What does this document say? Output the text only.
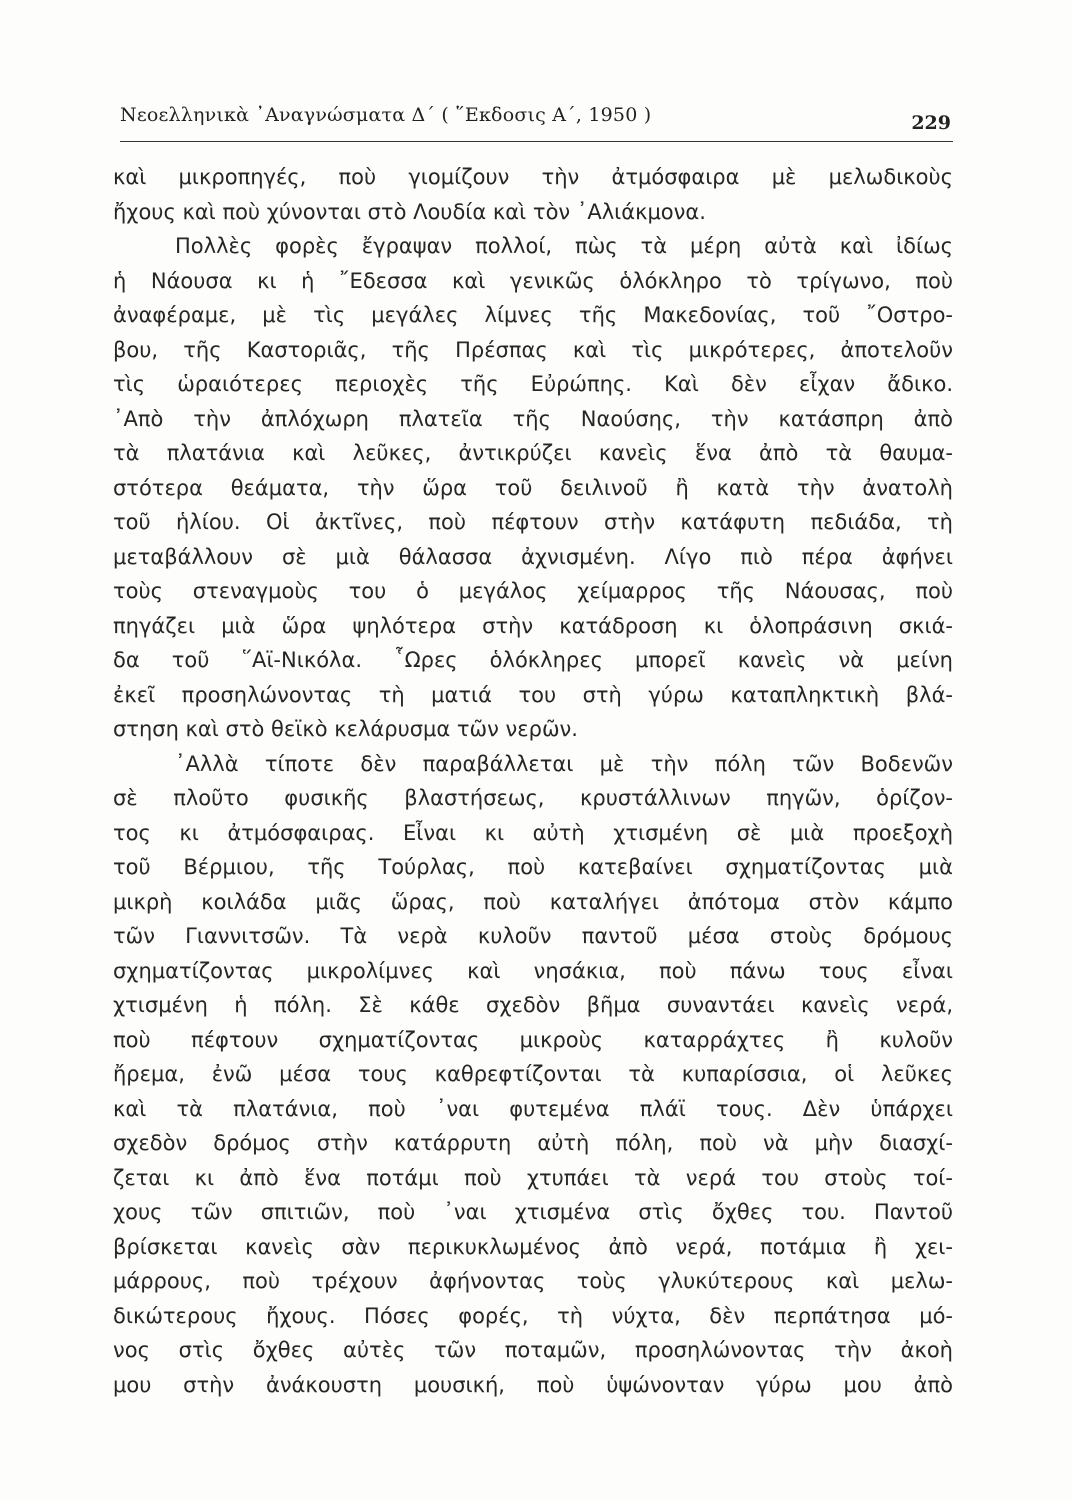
Νεοελληνικὰ ᾿Αναγνώσματα Δ΄ ( ῞Εκδοσις Α΄, 1950 )	229
καὶ μικροπηγές, ποὺ γιομίζουν τὴν ἀτμόσφαιρα μὲ μελωδικοὺς
ἤχους καὶ ποὺ χύνονται στὸ Λουδία καὶ τὸν ᾿Αλιάκμονα.
Πολλὲς φορὲς ἔγραψαν πολλοί, πὼς τὰ μέρη αὐτὰ καὶ ἰδίως
ἡ Νάουσα κι ἡ ῎Εδεσσα καὶ γενικῶς ὁλόκληρο τὸ τρίγωνο, ποὺ
ἀναφέραμε, μὲ τὶς μεγάλες λίμνες τῆς Μακεδονίας, τοῦ ῎Οστρο-
βου, τῆς Καστοριᾶς, τῆς Πρέσπας καὶ τὶς μικρότερες, ἀποτελοῦν
τὶς ὡραιότερες περιοχὲς τῆς Εὐρώπης. Καὶ δὲν εἶχαν ἄδικο.
᾿Απὸ τὴν ἀπλόχωρη πλατεῖα τῆς Ναούσης, τὴν κατάσπρη ἀπὸ
τὰ πλατάνια καὶ λεῦκες, ἀντικρύζει κανεὶς ἕνα ἀπὸ τὰ θαυμα-
στότερα θεάματα, τὴν ὥρα τοῦ δειλινοῦ ἢ κατὰ τὴν ἀνατολὴ
τοῦ ἡλίου. Οἱ ἀκτῖνες, ποὺ πέφτουν στὴν κατάφυτη πεδιάδα, τὴ
μεταβάλλουν σὲ μιὰ θάλασσα ἀχνισμένη. Λίγο πιὸ πέρα ἀφήνει
τοὺς στεναγμοὺς του ὁ μεγάλος χείμαρρος τῆς Νάουσας, ποὺ
πηγάζει μιὰ ὥρα ψηλότερα στὴν κατάδροση κι ὁλοπράσινη σκιά-
δα τοῦ ῞Αϊ-Νικόλα. ῟Ωρες ὁλόκληρες μπορεῖ κανεὶς νὰ μείνη
ἐκεῖ προσηλώνοντας τὴ ματιά του στὴ γύρω καταπληκτικὴ βλά-
στηση καὶ στὸ θεϊκὸ κελάρυσμα τῶν νερῶν.
᾿Αλλὰ τίποτε δὲν παραβάλλεται μὲ τὴν πόλη τῶν Βοδενῶν
σὲ πλοῦτο φυσικῆς βλαστήσεως, κρυστάλλινων πηγῶν, ὁρίζον-
τος κι ἀτμόσφαιρας. Εἶναι κι αὐτὴ χτισμένη σὲ μιὰ προεξοχὴ
τοῦ Βέρμιου, τῆς Τούρλας, ποὺ κατεβαίνει σχηματίζοντας μιὰ
μικρὴ κοιλάδα μιᾶς ὥρας, ποὺ καταλήγει ἀπότομα στὸν κάμπο
τῶν Γιαννιτσῶν. Τὰ νερὰ κυλοῦν παντοῦ μέσα στοὺς δρόμους
σχηματίζοντας μικρολίμνες καὶ νησάκια, ποὺ πάνω τους εἶναι
χτισμένη ἡ πόλη. Σὲ κάθε σχεδὸν βῆμα συναντάει κανεὶς νερά,
ποὺ πέφτουν σχηματίζοντας μικροὺς καταρράχτες ἢ κυλοῦν
ἤρεμα, ἐνῶ μέσα τους καθρεφτίζονται τὰ κυπαρίσσια, οἱ λεῦκες
καὶ τὰ πλατάνια, ποὺ ᾽ναι φυτεμένα πλάϊ τους. Δὲν ὑπάρχει
σχεδὸν δρόμος στὴν κατάρρυτη αὐτὴ πόλη, ποὺ νὰ μὴν διασχί-
ζεται κι ἀπὸ ἕνα ποτάμι ποὺ χτυπάει τὰ νερά του στοὺς τοί-
χους τῶν σπιτιῶν, ποὺ ᾽ναι χτισμένα στὶς ὄχθες του. Παντοῦ
βρίσκεται κανεὶς σὰν περικυκλωμένος ἀπὸ νερά, ποτάμια ἢ χει-
μάρρους, ποὺ τρέχουν ἀφήνοντας τοὺς γλυκύτερους καὶ μελω-
δικώτερους ἤχους. Πόσες φορές, τὴ νύχτα, δὲν περπάτησα μό-
νος στὶς ὄχθες αὐτὲς τῶν ποταμῶν, προσηλώνοντας τὴν ἀκοὴ
μου στὴν ἀνάκουστη μουσική, ποὺ ὑψώνονταν γύρω μου ἀπὸ
